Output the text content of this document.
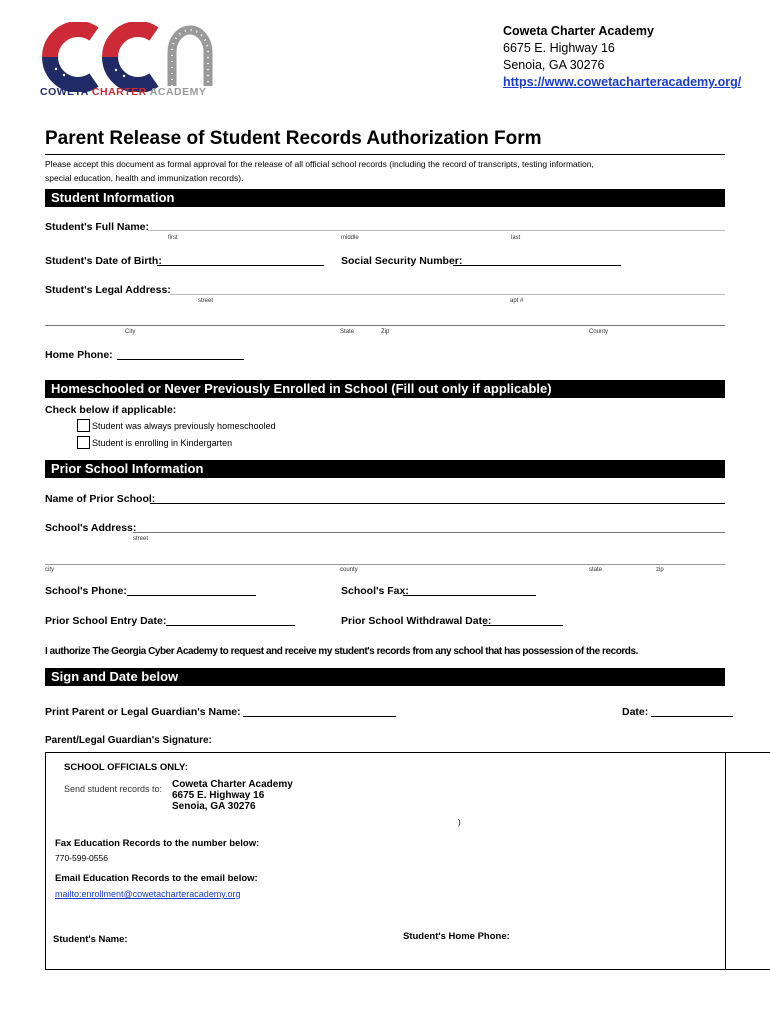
COWETA CHARTER ACADEMY
Coweta Charter Academy
6675 E. Highway 16
Senoia, GA 30276
https://www.cowetacharteracademy.org/
Parent Release of Student Records Authorization Form
Please accept this document as formal approval for the release of all official school records (including the record of transcripts, testing information,
special education, health and immunization records).
Student Information
Student's Full Name:
first	middle	last
Student's Date of Birth:	Social Security Number:
Student's Legal Address:
street	apt #
City	State	Zip	County
Home Phone:
Homeschooled or Never Previously Enrolled in School (Fill out only if applicable)
Check below if applicable:
Student was always previously homeschooled
Student is enrolling in Kindergarten
Prior School Information
Name of Prior School:
School's Address:
street
city	county	state	zip
School's Phone:	School's Fax:
Prior School Entry Date:	Prior School Withdrawal Date:
I authorize The Georgia Cyber Academy to request and receive my student's records from any school that has possession of the records.
Sign and Date below
Print Parent or Legal Guardian's Name:	Date:
Parent/Legal Guardian's Signature:
SCHOOL OFFICIALS ONLY:
Send student records to: Coweta Charter Academy
6675 E. Highway 16
Senoia, GA 30276
)
Fax Education Records to the number below:
770-599-0556
Email Education Records to the email below:
mailto:enrollment@cowetacharteracademy.org
Student's Name:	Student's Home Phone:
